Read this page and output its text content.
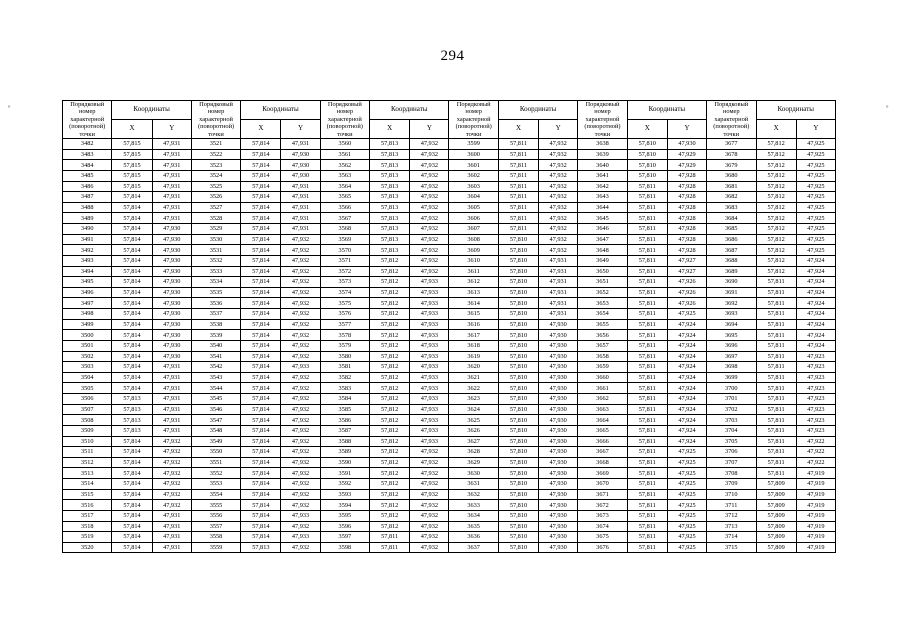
294
ₒ	ₒ
Порядковый номер характерной (поворотной) точки	Координаты		Порядковый номер характерной (поворотной) точки	Координаты		Порядковый номер характерной (поворотной) точки	Координаты		Порядковый номер характерной (поворотной) точки	Координаты		Порядковый номер характерной (поворотной) точки	Координаты		Порядковый номер характерной (поворотной) точки	Координаты	
	X	Y		X	Y		X	Y		X	Y		X	Y		X	Y
3482	57,815	47,931	3521	57,814	47,931	3560	57,813	47,932	3599	57,811	47,932	3638	57,810	47,930	3677	57,812	47,925
3483	57,815	47,931	3522	57,814	47,930	3561	57,813	47,932	3600	57,811	47,932	3639	57,810	47,929	3678	57,812	47,925
3484	57,815	47,931	3523	57,814	47,930	3562	57,813	47,932	3601	57,811	47,932	3640	57,810	47,929	3679	57,812	47,925
3485	57,815	47,931	3524	57,814	47,930	3563	57,813	47,932	3602	57,811	47,932	3641	57,810	47,928	3680	57,812	47,925
3486	57,815	47,931	3525	57,814	47,931	3564	57,813	47,932	3603	57,811	47,932	3642	57,811	47,928	3681	57,812	47,925
3487	57,814	47,931	3526	57,814	47,931	3565	57,813	47,932	3604	57,811	47,932	3643	57,811	47,928	3682	57,812	47,925
3488	57,814	47,931	3527	57,814	47,931	3566	57,813	47,932	3605	57,811	47,932	3644	57,811	47,928	3683	57,812	47,925
3489	57,814	47,931	3528	57,814	47,931	3567	57,813	47,932	3606	57,811	47,932	3645	57,811	47,928	3684	57,812	47,925
3490	57,814	47,930	3529	57,814	47,931	3568	57,813	47,932	3607	57,811	47,932	3646	57,811	47,928	3685	57,812	47,925
3491	57,814	47,930	3530	57,814	47,932	3569	57,813	47,932	3608	57,810	47,932	3647	57,811	47,928	3686	57,812	47,925
3492	57,814	47,930	3531	57,814	47,932	3570	57,813	47,932	3609	57,810	47,932	3648	57,811	47,928	3687	57,812	47,925
3493	57,814	47,930	3532	57,814	47,932	3571	57,812	47,932	3610	57,810	47,931	3649	57,811	47,927	3688	57,812	47,924
3494	57,814	47,930	3533	57,814	47,932	3572	57,812	47,932	3611	57,810	47,931	3650	57,811	47,927	3689	57,812	47,924
3495	57,814	47,930	3534	57,814	47,932	3573	57,812	47,933	3612	57,810	47,931	3651	57,811	47,926	3690	57,811	47,924
3496	57,814	47,930	3535	57,814	47,932	3574	57,812	47,933	3613	57,810	47,931	3652	57,811	47,926	3691	57,811	47,924
3497	57,814	47,930	3536	57,814	47,932	3575	57,812	47,933	3614	57,810	47,931	3653	57,811	47,926	3692	57,811	47,924
3498	57,814	47,930	3537	57,814	47,932	3576	57,812	47,933	3615	57,810	47,931	3654	57,811	47,925	3693	57,811	47,924
3499	57,814	47,930	3538	57,814	47,932	3577	57,812	47,933	3616	57,810	47,930	3655	57,811	47,924	3694	57,811	47,924
3500	57,814	47,930	3539	57,814	47,932	3578	57,812	47,933	3617	57,810	47,930	3656	57,811	47,924	3695	57,811	47,924
3501	57,814	47,930	3540	57,814	47,932	3579	57,812	47,933	3618	57,810	47,930	3657	57,811	47,924	3696	57,811	47,924
3502	57,814	47,930	3541	57,814	47,932	3580	57,812	47,933	3619	57,810	47,930	3658	57,811	47,924	3697	57,811	47,923
3503	57,814	47,931	3542	57,814	47,933	3581	57,812	47,933	3620	57,810	47,930	3659	57,811	47,924	3698	57,811	47,923
3504	57,814	47,931	3543	57,814	47,932	3582	57,812	47,933	3621	57,810	47,930	3660	57,811	47,924	3699	57,811	47,923
3505	57,814	47,931	3544	57,814	47,932	3583	57,812	47,933	3622	57,810	47,930	3661	57,811	47,924	3700	57,811	47,923
3506	57,813	47,931	3545	57,814	47,932	3584	57,812	47,933	3623	57,810	47,930	3662	57,811	47,924	3701	57,811	47,923
3507	57,813	47,931	3546	57,814	47,932	3585	57,812	47,933	3624	57,810	47,930	3663	57,811	47,924	3702	57,811	47,923
3508	57,813	47,931	3547	57,814	47,932	3586	57,812	47,933	3625	57,810	47,930	3664	57,811	47,924	3703	57,811	47,923
3509	57,813	47,931	3548	57,814	47,932	3587	57,812	47,933	3626	57,810	47,930	3665	57,811	47,924	3704	57,811	47,923
3510	57,814	47,932	3549	57,814	47,932	3588	57,812	47,933	3627	57,810	47,930	3666	57,811	47,924	3705	57,811	47,922
3511	57,814	47,932	3550	57,814	47,932	3589	57,812	47,932	3628	57,810	47,930	3667	57,811	47,925	3706	57,811	47,922
3512	57,814	47,932	3551	57,814	47,932	3590	57,812	47,932	3629	57,810	47,930	3668	57,811	47,925	3707	57,811	47,922
3513	57,814	47,932	3552	57,814	47,932	3591	57,812	47,932	3630	57,810	47,930	3669	57,811	47,925	3708	57,811	47,919
3514	57,814	47,932	3553	57,814	47,932	3592	57,812	47,932	3631	57,810	47,930	3670	57,811	47,925	3709	57,809	47,919
3515	57,814	47,932	3554	57,814	47,932	3593	57,812	47,932	3632	57,810	47,930	3671	57,811	47,925	3710	57,809	47,919
3516	57,814	47,932	3555	57,814	47,932	3594	57,812	47,932	3633	57,810	47,930	3672	57,811	47,925	3711	57,809	47,919
3517	57,814	47,931	3556	57,814	47,933	3595	57,812	47,932	3634	57,810	47,930	3673	57,811	47,925	3712	57,809	47,919
3518	57,814	47,931	3557	57,814	47,932	3596	57,812	47,932	3635	57,810	47,930	3674	57,811	47,925	3713	57,809	47,919
3519	57,814	47,931	3558	57,814	47,933	3597	57,811	47,932	3636	57,810	47,930	3675	57,811	47,925	3714	57,809	47,919
3520	57,814	47,931	3559	57,813	47,932	3598	57,811	47,932	3637	57,810	47,930	3676	57,811	47,925	3715	57,809	47,919
